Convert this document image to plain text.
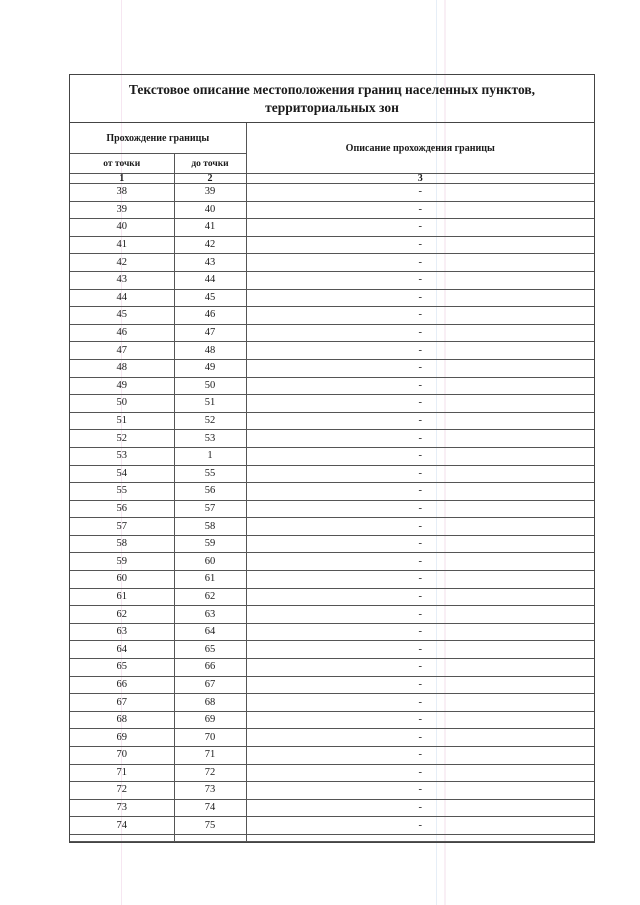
Текстовое описание местоположения границ населенных пунктов,
территориальных зон
Прохождение границы		Описание прохождения границы
от точки	до точки	
1	2	3
38	39	-
39	40	-
40	41	-
41	42	-
42	43	-
43	44	-
44	45	-
45	46	-
46	47	-
47	48	-
48	49	-
49	50	-
50	51	-
51	52	-
52	53	-
53	1	-
54	55	-
55	56	-
56	57	-
57	58	-
58	59	-
59	60	-
60	61	-
61	62	-
62	63	-
63	64	-
64	65	-
65	66	-
66	67	-
67	68	-
68	69	-
69	70	-
70	71	-
71	72	-
72	73	-
73	74	-
74	75	-
